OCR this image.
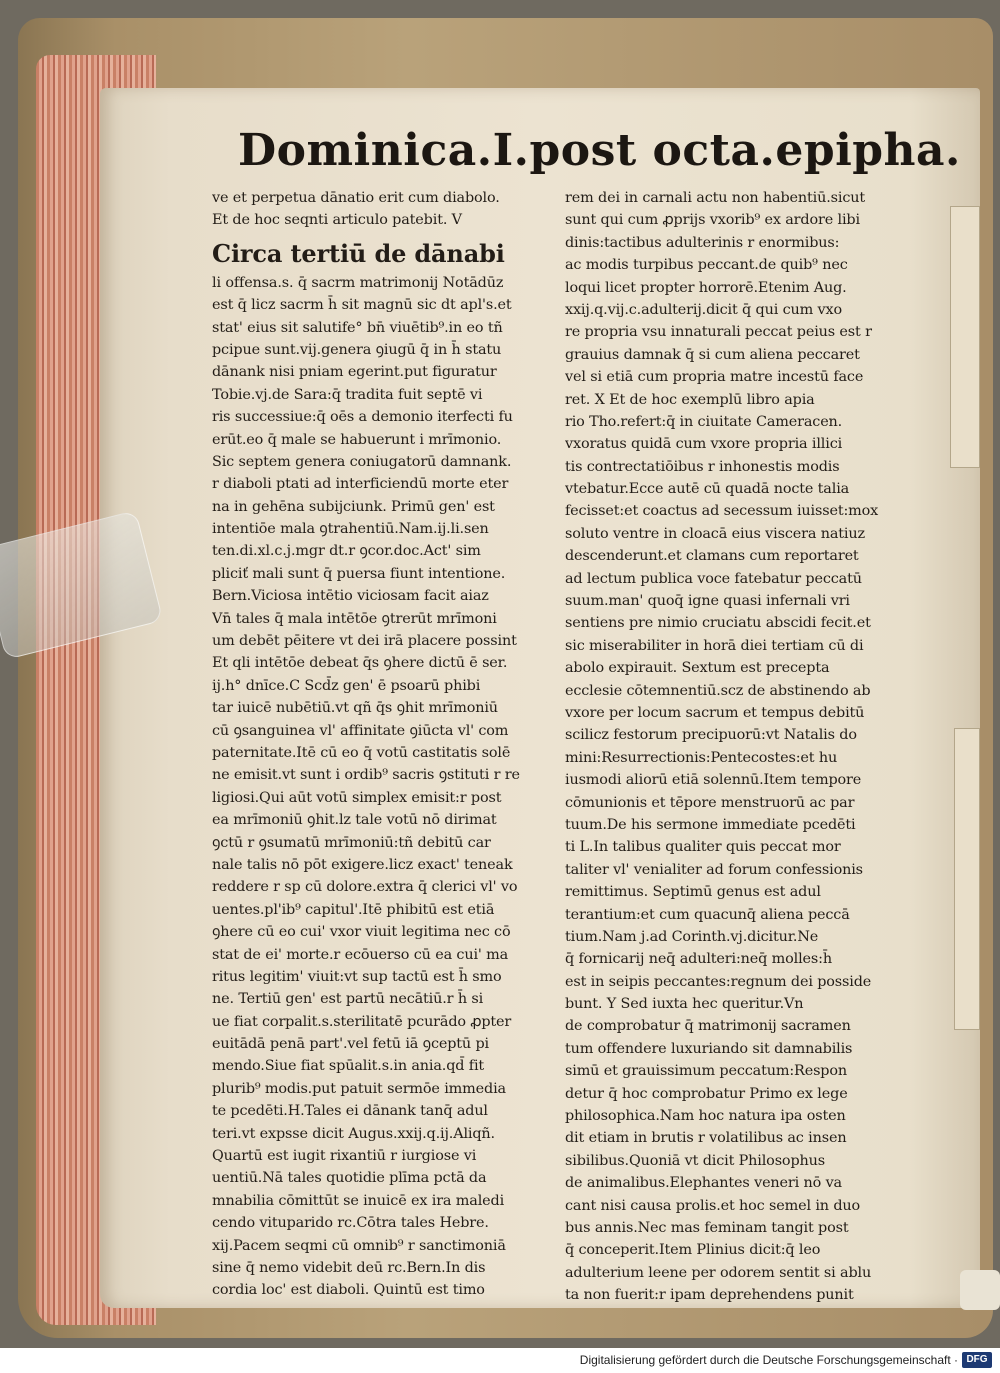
Dominica.I.post octa.epipha.
ve et perpetua dānatio erit cum diabolo.
Et de hoc seqnti articulo patebit. V
Circa tertiū de dānabi
li offensa.s. q̄ sacrm matrimonij Notādūz
est q̄ licz sacrm h̄ sit magnū sic dt apl's.et
stat' eius sit salutife° bn̄ viuētib⁹.in eo tñ
pcipue sunt.vij.genera ꝯiugū q̄ in h̄ statu
dānank nisi pniam egerint.put figuratur
Tobie.vj.de Sara:q̄ tradita fuit septē vi
ris successiue:q̄ oēs a demonio iterfecti fu
erūt.eo q̄ male se habuerunt i mrīmonio.
Sic septem genera coniugatorū damnank.
r diaboli ptati ad interficiendū morte eter
na in gehēna subijciunk. Primū gen' est
intentiōe mala ꝯtrahentiū.Nam.ij.li.sen
ten.di.xl.c.j.mgr dt.r ꝯcor.doc.Act' sim
pliciť mali sunt q̄ puersa fiunt intentione.
Bern.Viciosa intētio viciosam facit aiaz
Vn̄ tales q̄ mala intētōe ꝯtrerūt mrīmoni
um debēt pēitere vt dei irā placere possint
Et qli intētōe debeat q̄s ꝯhere dictū ē ser.
ij.h° dnīce.C Scd̄z gen' ē psoarū phibi
tar iuicē nubētiū.vt qñ q̄s ꝯhit mrīmoniū
cū ꝯsanguinea vl' affinitate ꝯiūcta vl' com
paternitate.Itē cū eo q̄ votū castitatis solē
ne emisit.vt sunt i ordib⁹ sacris ꝯstituti r re
ligiosi.Qui aūt votū simplex emisit:r post
ea mrīmoniū ꝯhit.lz tale votū nō dirimat
ꝯctū r ꝯsumatū mrīmoniū:tñ debitū car
nale talis nō pōt exigere.licz exact' teneak
reddere r sp cū dolore.extra q̄ clerici vl' vo
uentes.pl'ib⁹ capitul'.Itē phibitū est etiā
ꝯhere cū eo cui' vxor viuit legitima nec cō
stat de ei' morte.r ecōuerso cū ea cui' ma
ritus legitim' viuit:vt sup tactū est h̄ smo
ne. Tertiū gen' est partū necātiū.r h̄ si
ue fiat corpalit.s.sterilitatē pcurādo ꝓpter
euitādā penā part'.vel fetū iā ꝯceptū pi
mendo.Siue fiat spūalit.s.in ania.qd̄ fit
plurib⁹ modis.put patuit sermōe immedia
te pcedēti.H.Tales ei dānank tanq̄ adul
teri.vt expsse dicit Augus.xxij.q.ij.Aliqñ.
Quartū est iugit rixantiū r iurgiose vi
uentiū.Nā tales quotidie plīma pctā da
mnabilia cōmittūt se inuicē ex ira maledi
cendo vituparido rc.Cōtra tales Hebre.
xij.Pacem seqmi cū omnib⁹ r sanctimoniā
sine q̄ nemo videbit deū rc.Bern.In dis
cordia loc' est diaboli. Quintū est timo
rem dei in carnali actu non habentiū.sicut
sunt qui cum ꝓprijs vxorib⁹ ex ardore libi
dinis:tactibus adulterinis r enormibus:
ac modis turpibus peccant.de quib⁹ nec
loqui licet propter horrorē.Etenim Aug.
xxij.q.vij.c.adulterij.dicit q̄ qui cum vxo
re propria vsu innaturali peccat peius est r
grauius damnak q̄ si cum aliena peccaret
vel si etiā cum propria matre incestū face
ret. X Et de hoc exemplū libro apia
rio Tho.refert:q̄ in ciuitate Cameracen.
vxoratus quidā cum vxore propria illici
tis contrectatiōibus r inhonestis modis
vtebatur.Ecce autē cū quadā nocte talia
fecisset:et coactus ad secessum iuisset:mox
soluto ventre in cloacā eius viscera natiuz
descenderunt.et clamans cum reportaret
ad lectum publica voce fatebatur peccatū
suum.man' quoq̄ igne quasi infernali vri
sentiens pre nimio cruciatu abscidi fecit.et
sic miserabiliter in horā diei tertiam cū di
abolo expirauit. Sextum est precepta
ecclesie cōtemnentiū.scz de abstinendo ab
vxore per locum sacrum et tempus debitū
scilicz festorum precipuorū:vt Natalis do
mini:Resurrectionis:Pentecostes:et hu
iusmodi aliorū etiā solennū.Item tempore
cōmunionis et tēpore menstruorū ac par
tuum.De his sermone immediate pcedēti
ti L.In talibus qualiter quis peccat mor
taliter vl' venialiter ad forum confessionis
remittimus. Septimū genus est adul
terantium:et cum quacunq̄ aliena peccā
tium.Nam j.ad Corinth.vj.dicitur.Ne
q̄ fornicarij neq̄ adulteri:neq̄ molles:h̄
est in seipis peccantes:regnum dei posside
bunt. Y Sed iuxta hec queritur.Vn
de comprobatur q̄ matrimonij sacramen
tum offendere luxuriando sit damnabilis
simū et grauissimum peccatum:Respon
detur q̄ hoc comprobatur Primo ex lege
philosophica.Nam hoc natura ipa osten
dit etiam in brutis r volatilibus ac insen
sibilibus.Quoniā vt dicit Philosophus
de animalibus.Elephantes veneri nō va
cant nisi causa prolis.et hoc semel in duo
bus annis.Nec mas feminam tangit post
q̄ conceperit.Item Plinius dicit:q̄ leo
adulterium leene per odorem sentit si ablu
ta non fuerit:r ipam deprehendens punit
Digitalisierung gefördert durch die Deutsche Forschungsgemeinschaft · DFG
